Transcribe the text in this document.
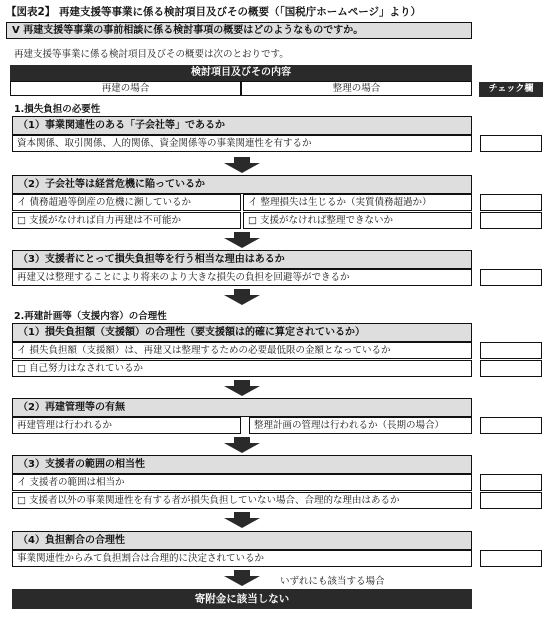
【図表2】 再建支援等事業に係る検討項目及びその概要（「国税庁ホームページ」より）
Ⅴ 再建支援等事業の事前相談に係る検討事項の概要はどのようなものですか。
再建支援等事業に係る検討項目及びその概要は次のとおりです。
検討項目及びその内容
再建の場合	整理の場合	チェック欄
1.損失負担の必要性
（1）事業関連性のある「子会社等」であるか
資本関係、取引関係、人的関係、資金関係等の事業関連性を有するか
（2）子会社等は経営危機に陥っているか
イ 債務超過等倒産の危機に瀕しているか	イ 整理損失は生じるか（実質債務超過か）
□ 支援がなければ自力再建は不可能か	□ 支援がなければ整理できないか
（3）支援者にとって損失負担等を行う相当な理由はあるか
再建又は整理することにより将来のより大きな損失の負担を回避等ができるか
2.再建計画等（支援内容）の合理性
（1）損失負担額（支援額）の合理性（要支援額は的確に算定されているか）
イ 損失負担額（支援額）は、再建又は整理するための必要最低限の金額となっているか
□ 自己努力はなされているか
（2）再建管理等の有無
再建管理は行われるか	整理計画の管理は行われるか（長期の場合）
（3）支援者の範囲の相当性
イ 支援者の範囲は相当か
□ 支援者以外の事業関連性を有する者が損失負担していない場合、合理的な理由はあるか
（4）負担割合の合理性
事業関連性からみて負担割合は合理的に決定されているか
いずれにも該当する場合
寄附金に該当しない
